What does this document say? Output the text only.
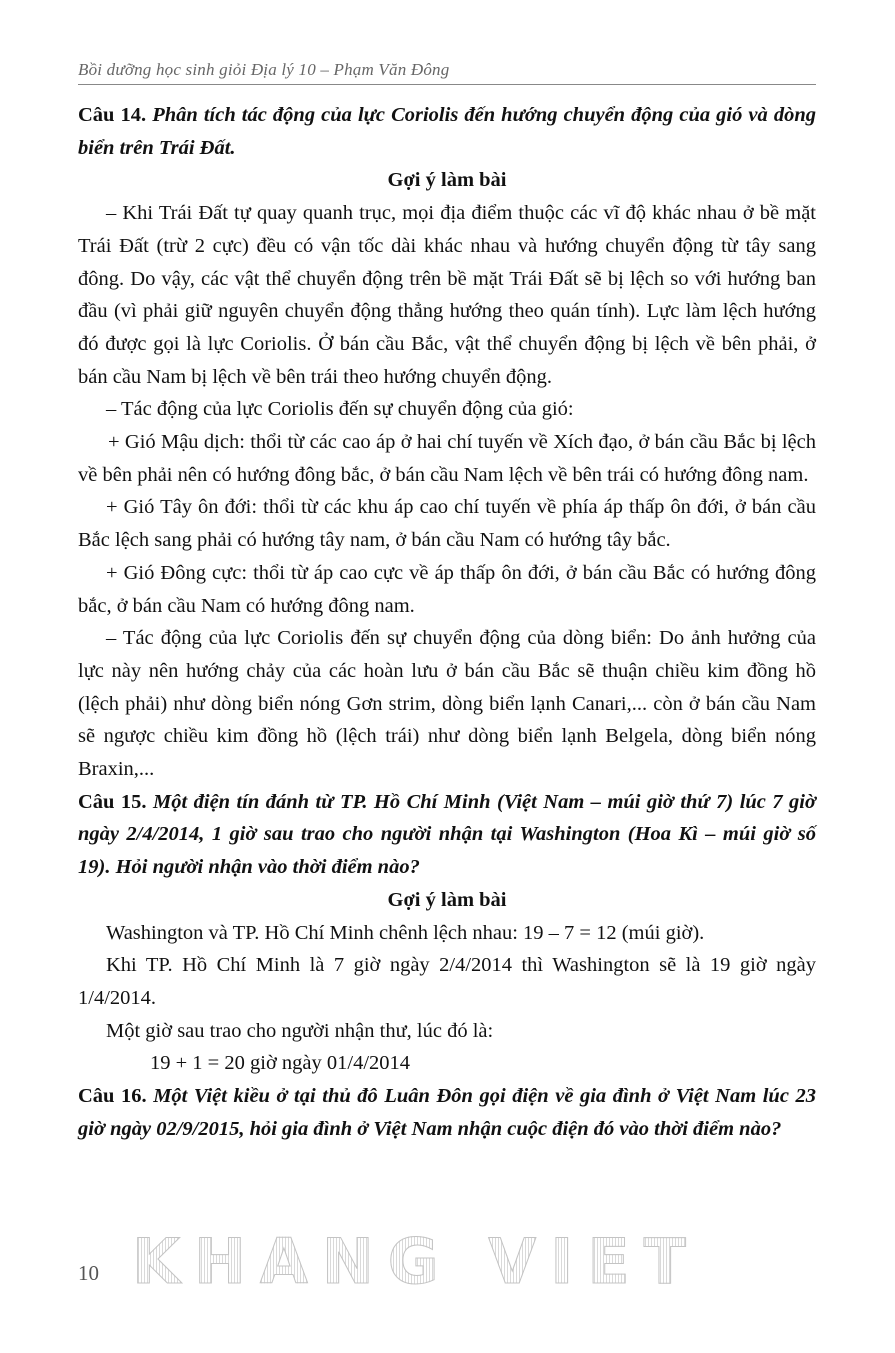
Bồi dưỡng học sinh giỏi Địa lý 10 – Phạm Văn Đông

Câu 14. Phân tích tác động của lực Coriolis đến hướng chuyển động của gió và dòng biển trên Trái Đất.

Gợi ý làm bài

– Khi Trái Đất tự quay quanh trục, mọi địa điểm thuộc các vĩ độ khác nhau ở bề mặt Trái Đất (trừ 2 cực) đều có vận tốc dài khác nhau và hướng chuyển động từ tây sang đông. Do vậy, các vật thể chuyển động trên bề mặt Trái Đất sẽ bị lệch so với hướng ban đầu (vì phải giữ nguyên chuyển động thẳng hướng theo quán tính). Lực làm lệch hướng đó được gọi là lực Coriolis. Ở bán cầu Bắc, vật thể chuyển động bị lệch về bên phải, ở bán cầu Nam bị lệch về bên trái theo hướng chuyển động.

– Tác động của lực Coriolis đến sự chuyển động của gió:

+ Gió Mậu dịch: thổi từ các cao áp ở hai chí tuyến về Xích đạo, ở bán cầu Bắc bị lệch về bên phải nên có hướng đông bắc, ở bán cầu Nam lệch về bên trái có hướng đông nam.

+ Gió Tây ôn đới: thổi từ các khu áp cao chí tuyến về phía áp thấp ôn đới, ở bán cầu Bắc lệch sang phải có hướng tây nam, ở bán cầu Nam có hướng tây bắc.

+ Gió Đông cực: thổi từ áp cao cực về áp thấp ôn đới, ở bán cầu Bắc có hướng đông bắc, ở bán cầu Nam có hướng đông nam.

– Tác động của lực Coriolis đến sự chuyển động của dòng biển: Do ảnh hưởng của lực này nên hướng chảy của các hoàn lưu ở bán cầu Bắc sẽ thuận chiều kim đồng hồ (lệch phải) như dòng biển nóng Gơn strim, dòng biển lạnh Canari,... còn ở bán cầu Nam sẽ ngược chiều kim đồng hồ (lệch trái) như dòng biển lạnh Belgela, dòng biển nóng Braxin,...

Câu 15. Một điện tín đánh từ TP. Hồ Chí Minh (Việt Nam – múi giờ thứ 7) lúc 7 giờ ngày 2/4/2014, 1 giờ sau trao cho người nhận tại Washington (Hoa Kì – múi giờ số 19). Hỏi người nhận vào thời điểm nào?

Gợi ý làm bài

Washington và TP. Hồ Chí Minh chênh lệch nhau: 19 – 7 = 12 (múi giờ).

Khi TP. Hồ Chí Minh là 7 giờ ngày 2/4/2014 thì Washington sẽ là 19 giờ ngày 1/4/2014.

Một giờ sau trao cho người nhận thư, lúc đó là:

19 + 1 = 20 giờ ngày 01/4/2014

Câu 16. Một Việt kiều ở tại thủ đô Luân Đôn gọi điện về gia đình ở Việt Nam lúc 23 giờ ngày 02/9/2015, hỏi gia đình ở Việt Nam nhận cuộc điện đó vào thời điểm nào?

10 KHANG VIET
